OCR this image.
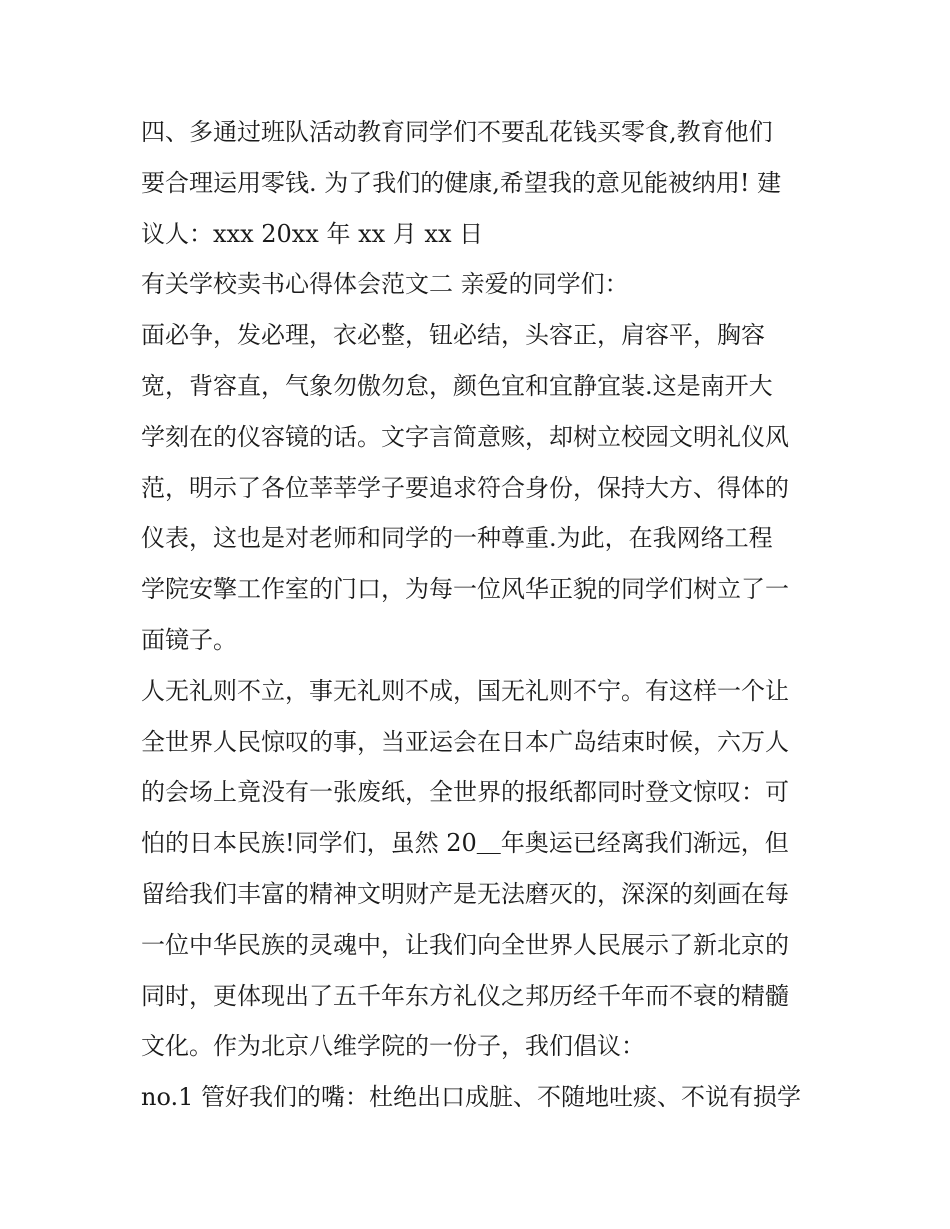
四、多通过班队活动教育同学们不要乱花钱买零食,教育他们
要合理运用零钱. 为了我们的健康,希望我的意见能被纳用! 建
议人：xxx 20xx 年 xx 月 xx 日
有关学校卖书心得体会范文二 亲爱的同学们：
面必争，发必理，衣必整，钮必结，头容正，肩容平，胸容
宽，背容直，气象勿傲勿怠，颜色宜和宜静宜装.这是南开大
学刻在的仪容镜的话。文字言简意赅，却树立校园文明礼仪风
范，明示了各位莘莘学子要追求符合身份，保持大方、得体的
仪表，这也是对老师和同学的一种尊重.为此，在我网络工程
学院安擎工作室的门口，为每一位风华正貌的同学们树立了一
面镜子。
人无礼则不立，事无礼则不成，国无礼则不宁。有这样一个让
全世界人民惊叹的事，当亚运会在日本广岛结束时候，六万人
的会场上竟没有一张废纸，全世界的报纸都同时登文惊叹：可
怕的日本民族!同学们，虽然 20＿年奥运已经离我们渐远，但
留给我们丰富的精神文明财产是无法磨灭的，深深的刻画在每
一位中华民族的灵魂中，让我们向全世界人民展示了新北京的
同时，更体现出了五千年东方礼仪之邦历经千年而不衰的精髓
文化。作为北京八维学院的一份子，我们倡议：
no.1 管好我们的嘴：杜绝出口成脏、不随地吐痰、不说有损学
